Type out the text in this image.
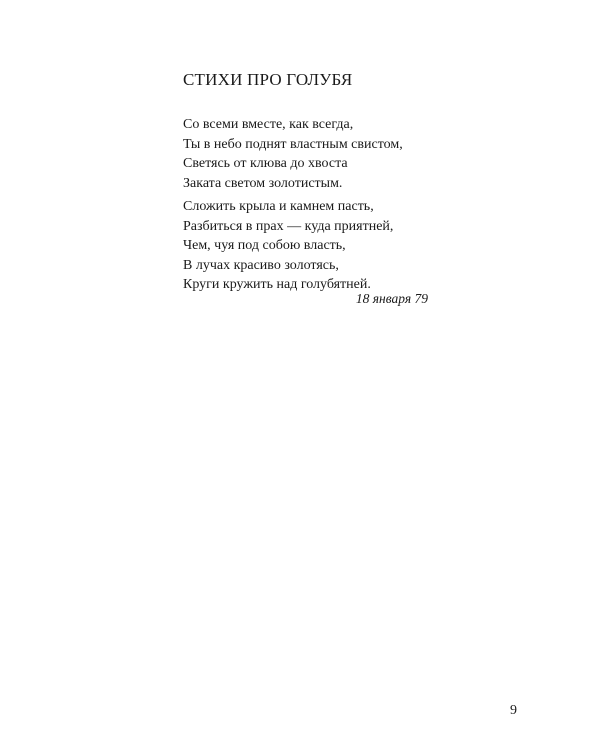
СТИХИ ПРО ГОЛУБЯ
Со всеми вместе, как всегда,
Ты в небо поднят властным свистом,
Светясь от клюва до хвоста
Заката светом золотистым.
Сложить крыла и камнем пасть,
Разбиться в прах — куда приятней,
Чем, чуя под собою власть,
В лучах красиво золотясь,
Круги кружить над голубятней.
18 января 79
9
